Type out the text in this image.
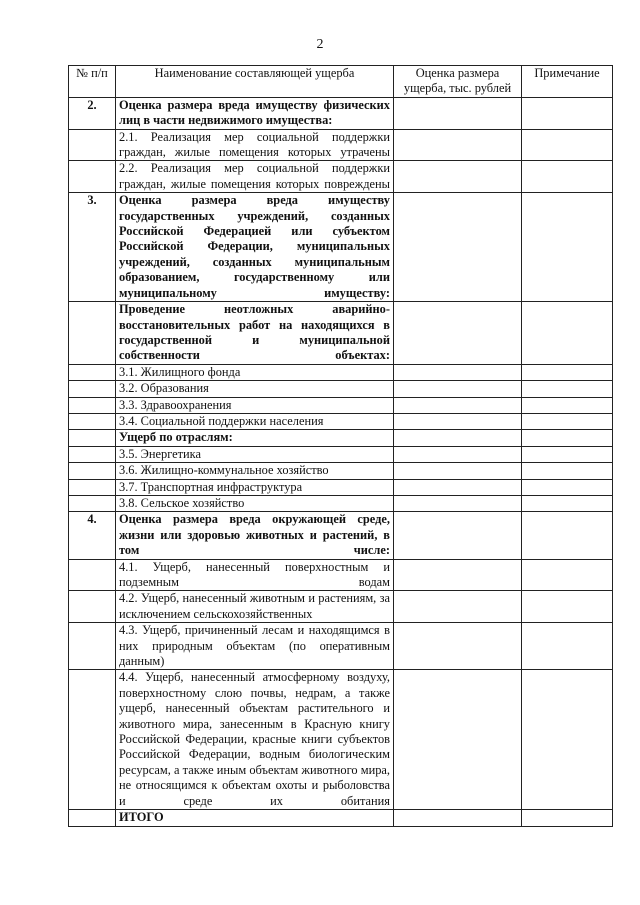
2
№ п/п	Наименование составляющей ущерба	Оценка размера ущерба, тыс. рублей	Примечание
2.	Оценка размера вреда имуществу физических лиц в части недвижимого имущества:		
	2.1. Реализация мер социальной поддержки граждан, жилые помещения которых утрачены		
	2.2. Реализация мер социальной поддержки граждан, жилые помещения которых повреждены		
3.	Оценка размера вреда имуществу государственных учреждений, созданных Российской Федерацией или субъектом Российской Федерации, муниципальных учреждений, созданных муниципальным образованием, государственному или муниципальному имуществу:		
	Проведение неотложных аварийно-восстановительных работ на находящихся в государственной и муниципальной собственности объектах:		
	3.1. Жилищного фонда		
	3.2. Образования		
	3.3. Здравоохранения		
	3.4. Социальной поддержки населения		
	Ущерб по отраслям:		
	3.5. Энергетика		
	3.6. Жилищно-коммунальное хозяйство		
	3.7. Транспортная инфраструктура		
	3.8. Сельское хозяйство		
4.	Оценка размера вреда окружающей среде, жизни или здоровью животных и растений, в том числе:		
	4.1. Ущерб, нанесенный поверхностным и подземным водам		
	4.2. Ущерб, нанесенный животным и растениям, за исключением сельскохозяйственных		
	4.3. Ущерб, причиненный лесам и находящимся в них природным объектам (по оперативным данным)		
	4.4. Ущерб, нанесенный атмосферному воздуху, поверхностному слою почвы, недрам, а также ущерб, нанесенный объектам растительного и животного мира, занесенным в Красную книгу Российской Федерации, красные книги субъектов Российской Федерации, водным биологическим ресурсам, а также иным объектам животного мира, не относящимся к объектам охоты и рыболовства и среде их обитания		
	ИТОГО		
